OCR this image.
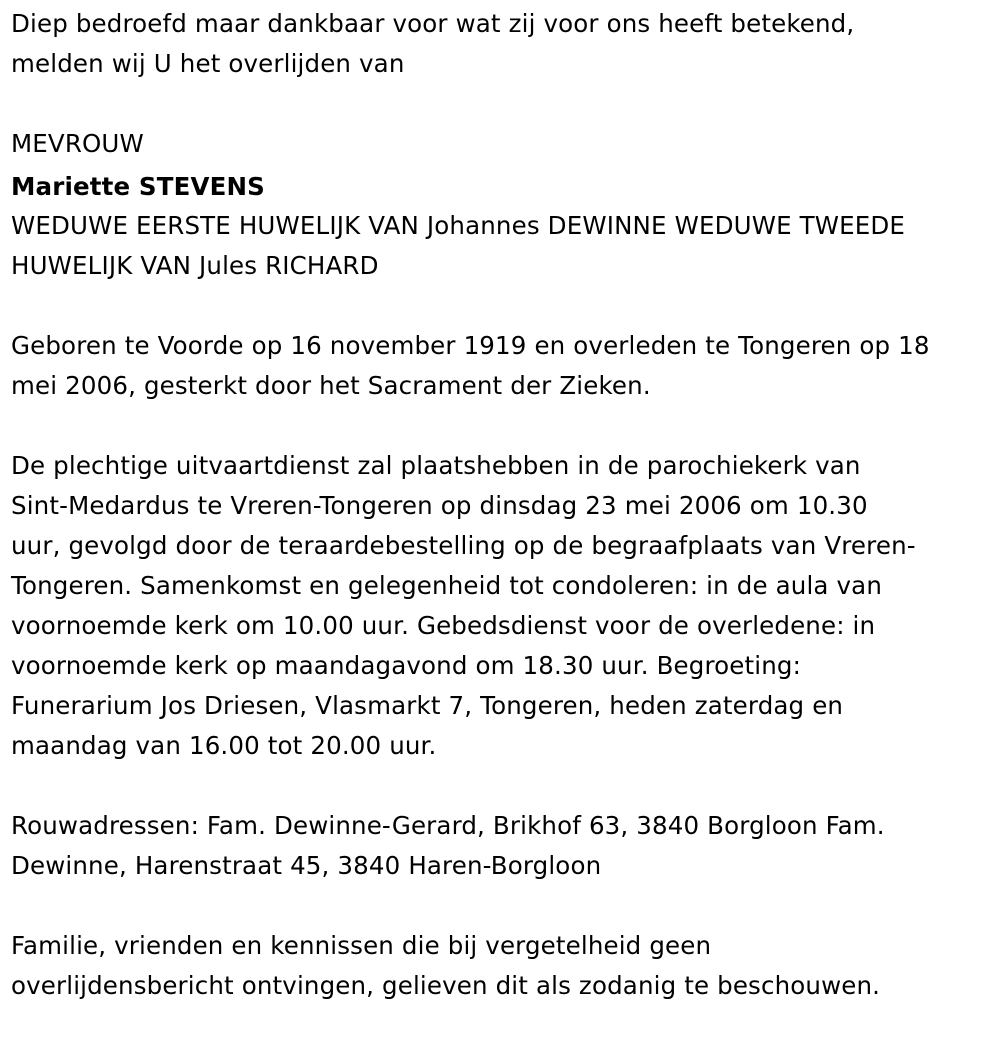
Diep bedroefd maar dankbaar voor wat zij voor ons heeft betekend,
melden wij U het overlijden van

MEVROUW

Mariette STEVENS

WEDUWE EERSTE HUWELIJK VAN Johannes DEWINNE WEDUWE TWEEDE
HUWELIJK VAN Jules RICHARD

Geboren te Voorde op 16 november 1919 en overleden te Tongeren op 18
mei 2006, gesterkt door het Sacrament der Zieken.

De plechtige uitvaartdienst zal plaatshebben in de parochiekerk van
Sint-Medardus te Vreren-Tongeren op dinsdag 23 mei 2006 om 10.30
uur, gevolgd door de teraardebestelling op de begraafplaats van Vreren-
Tongeren. Samenkomst en gelegenheid tot condoleren: in de aula van
voornoemde kerk om 10.00 uur. Gebedsdienst voor de overledene: in
voornoemde kerk op maandagavond om 18.30 uur. Begroeting:
Funerarium Jos Driesen, Vlasmarkt 7, Tongeren, heden zaterdag en
maandag van 16.00 tot 20.00 uur.

Rouwadressen: Fam. Dewinne-Gerard, Brikhof 63, 3840 Borgloon Fam.
Dewinne, Harenstraat 45, 3840 Haren-Borgloon

Familie, vrienden en kennissen die bij vergetelheid geen
overlijdensbericht ontvingen, gelieven dit als zodanig te beschouwen.
